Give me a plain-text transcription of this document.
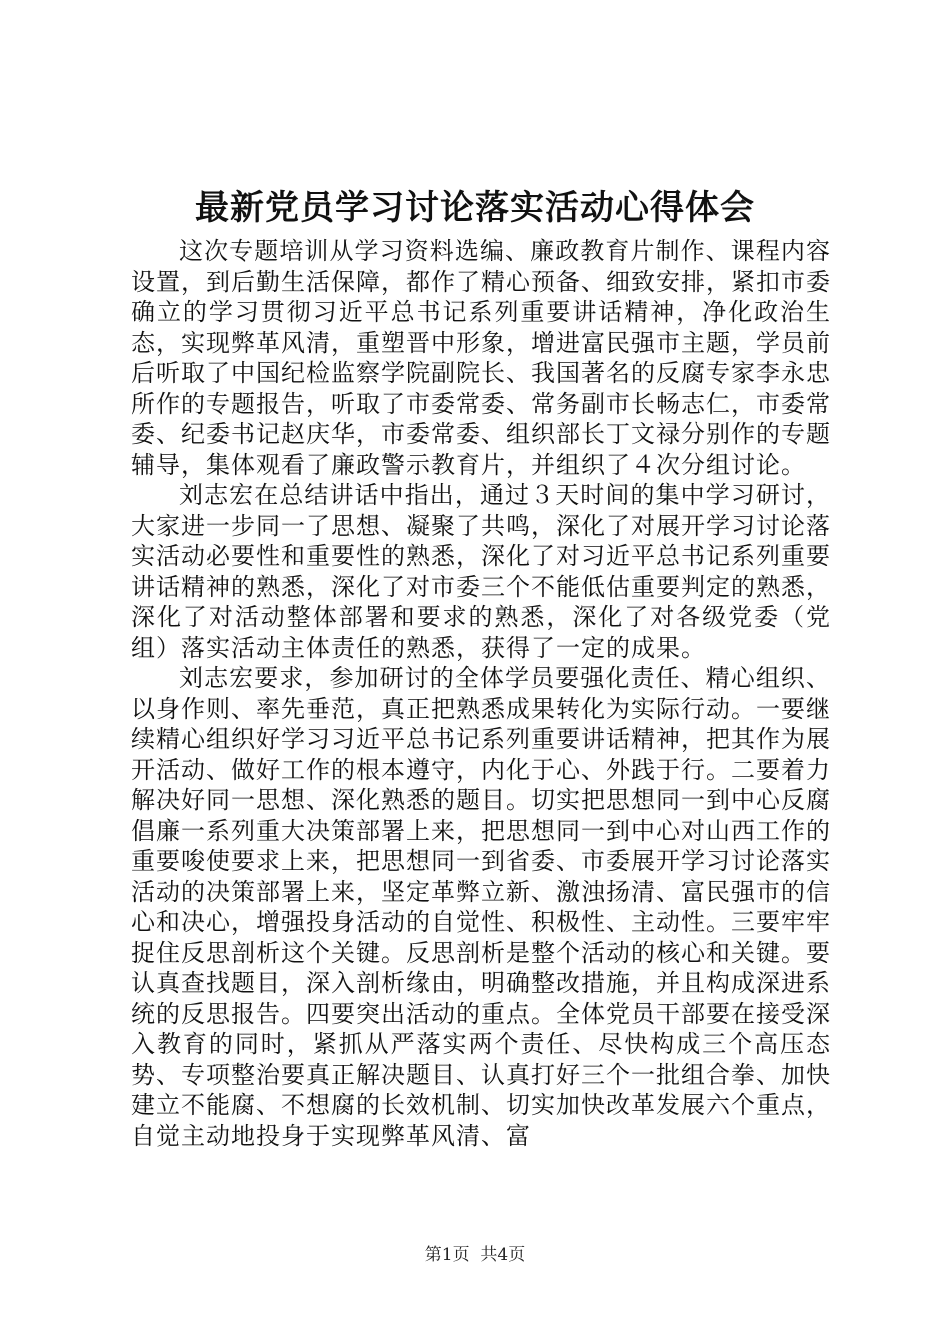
最新党员学习讨论落实活动心得体会

这次专题培训从学习资料选编、廉政教育片制作、课程内容设置，到后勤生活保障，都作了精心预备、细致安排，紧扣市委确立的学习贯彻习近平总书记系列重要讲话精神，净化政治生态，实现弊革风清，重塑晋中形象，增进富民强市主题，学员前后听取了中国纪检监察学院副院长、我国著名的反腐专家李永忠所作的专题报告，听取了市委常委、常务副市长畅志仁，市委常委、纪委书记赵庆华，市委常委、组织部长丁文禄分别作的专题辅导，集体观看了廉政警示教育片，并组织了４次分组讨论。

刘志宏在总结讲话中指出，通过３天时间的集中学习研讨，大家进一步同一了思想、凝聚了共鸣，深化了对展开学习讨论落实活动必要性和重要性的熟悉，深化了对习近平总书记系列重要讲话精神的熟悉，深化了对市委三个不能低估重要判定的熟悉，深化了对活动整体部署和要求的熟悉，深化了对各级党委（党组）落实活动主体责任的熟悉，获得了一定的成果。

刘志宏要求，参加研讨的全体学员要强化责任、精心组织、以身作则、率先垂范，真正把熟悉成果转化为实际行动。一要继续精心组织好学习习近平总书记系列重要讲话精神，把其作为展开活动、做好工作的根本遵守，内化于心、外践于行。二要着力解决好同一思想、深化熟悉的题目。切实把思想同一到中心反腐倡廉一系列重大决策部署上来，把思想同一到中心对山西工作的重要唆使要求上来，把思想同一到省委、市委展开学习讨论落实活动的决策部署上来，坚定革弊立新、激浊扬清、富民强市的信心和决心，增强投身活动的自觉性、积极性、主动性。三要牢牢捉住反思剖析这个关键。反思剖析是整个活动的核心和关键。要认真查找题目，深入剖析缘由，明确整改措施，并且构成深进系统的反思报告。四要突出活动的重点。全体党员干部要在接受深入教育的同时，紧抓从严落实两个责任、尽快构成三个高压态势、专项整治要真正解决题目、认真打好三个一批组合拳、加快建立不能腐、不想腐的长效机制、切实加快改革发展六个重点，自觉主动地投身于实现弊革风清、富

第1页  共4页
